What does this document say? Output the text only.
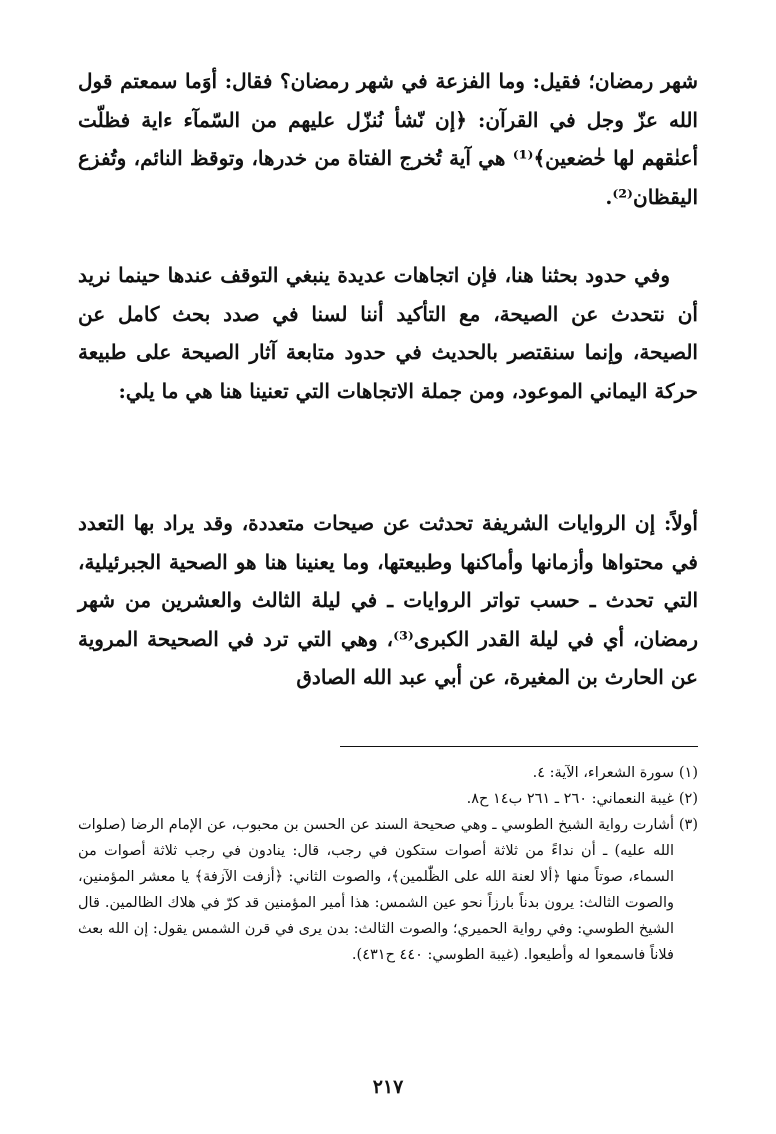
شهر رمضان؛ فقيل: وما الفزعة في شهر رمضان؟ فقال: أوَما سمعتم قول الله عزّ وجل في القرآن: ﴿إن نّشأ نُنزّل عليهم من السّمآء ءاية فظلّت أعنٰقهم لها خٰضعين﴾⁽¹⁾ هي آية تُخرج الفتاة من خدرها، وتوقظ النائم، وتُفزع اليقظان⁽²⁾.

وفي حدود بحثنا هنا، فإن اتجاهات عديدة ينبغي التوقف عندها حينما نريد أن نتحدث عن الصيحة، مع التأكيد أننا لسنا في صدد بحث كامل عن الصيحة، وإنما سنقتصر بالحديث في حدود متابعة آثار الصيحة على طبيعة حركة اليماني الموعود، ومن جملة الاتجاهات التي تعنينا هنا هي ما يلي:

أولاً: إن الروايات الشريفة تحدثت عن صيحات متعددة، وقد يراد بها التعدد في محتواها وأزمانها وأماكنها وطبيعتها، وما يعنينا هنا هو الصحية الجبرئيلية، التي تحدث ـ حسب تواتر الروايات ـ في ليلة الثالث والعشرين من شهر رمضان، أي في ليلة القدر الكبرى⁽³⁾، وهي التي ترد في الصحيحة المروية عن الحارث بن المغيرة، عن أبي عبد الله الصادق

(١)
سورة الشعراء، الآية: ٤.

(٢)
غيبة النعماني: ٢٦٠ ـ ٢٦١ ب١٤ ح٨.

(٣)
أشارت رواية الشيخ الطوسي ـ وهي صحيحة السند عن الحسن بن محبوب، عن الإمام الرضا (صلوات الله عليه) ـ أن نداءً من ثلاثة أصوات ستكون في رجب، قال: ينادون في رجب ثلاثة أصوات من السماء، صوتاً منها ﴿ألا لعنة الله على الظّٰلمين﴾، والصوت الثاني: ﴿أزفت الآزفة﴾ يا معشر المؤمنين، والصوت الثالث: يرون بدناً بارزاً نحو عين الشمس: هذا أمير المؤمنين قد كرّ في هلاك الظالمين. قال الشيخ الطوسي: وفي رواية الحميري؛ والصوت الثالث: بدن يرى في قرن الشمس يقول: إن الله بعث فلاناً فاسمعوا له وأطيعوا. (غيبة الطوسي: ٤٤٠ ح٤٣١).

٢١٧
